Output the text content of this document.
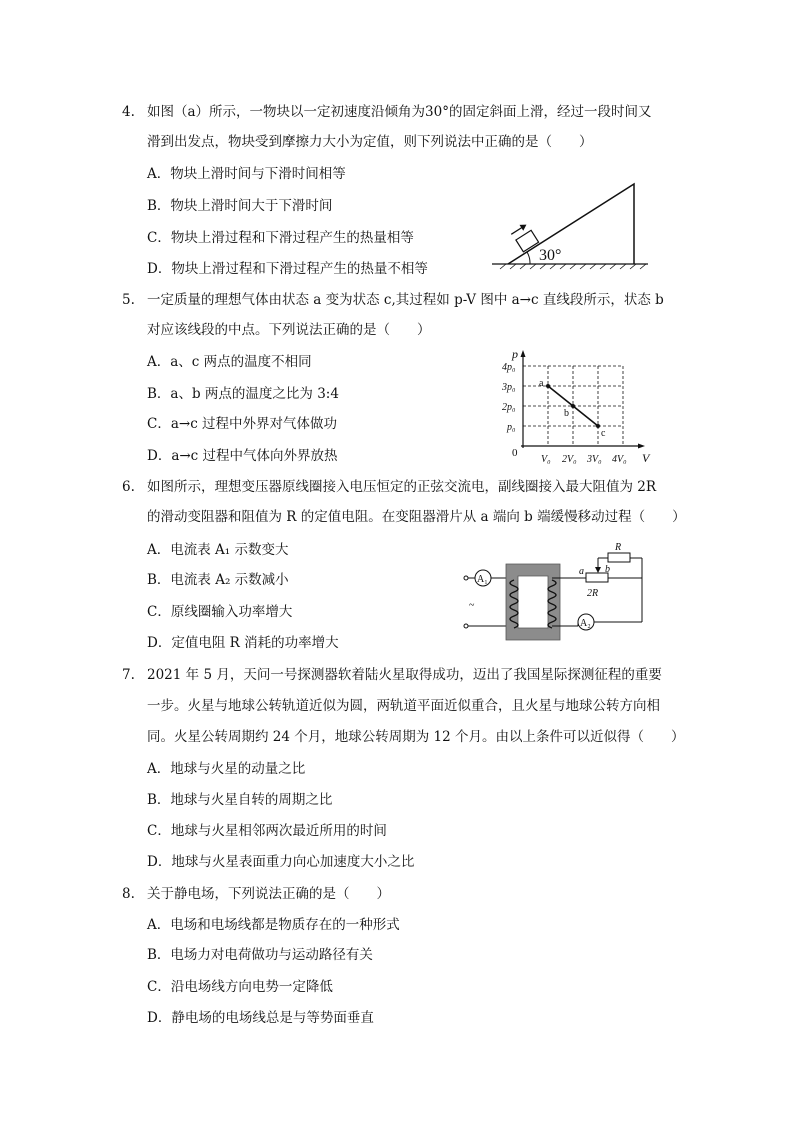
4. 如图（a）所示，一物块以一定初速度沿倾角为30°的固定斜面上滑，经过一段时间又
滑到出发点，物块受到摩擦力大小为定值，则下列说法中正确的是（　　）
A．物块上滑时间与下滑时间相等
B．物块上滑时间大于下滑时间
C．物块上滑过程和下滑过程产生的热量相等
D．物块上滑过程和下滑过程产生的热量不相等
30°
5. 一定质量的理想气体由状态 a 变为状态 c,其过程如 p-V 图中 a→c 直线段所示，状态 b
对应该线段的中点。下列说法正确的是（　　）
A．a、c 两点的温度不相同
B．a、b 两点的温度之比为 3:4
C．a→c 过程中外界对气体做功
D．a→c 过程中气体向外界放热
p
V
0
4p₀
3p₀
2p₀
p₀
V₀ 2V₀ 3V₀ 4V₀
a
b
c
6. 如图所示，理想变压器原线圈接入电压恒定的正弦交流电，副线圈接入最大阻值为 2R
的滑动变阻器和阻值为 R 的定值电阻。在变阻器滑片从 a 端向 b 端缓慢移动过程（　　）
A．电流表 A₁ 示数变大
B．电流表 A₂ 示数减小
C．原线圈输入功率增大
D．定值电阻 R 消耗的功率增大
A₁
~
A₂
2R
a b
R
7. 2021 年 5 月，天问一号探测器软着陆火星取得成功，迈出了我国星际探测征程的重要
一步。火星与地球公转轨道近似为圆，两轨道平面近似重合，且火星与地球公转方向相
同。火星公转周期约 24 个月，地球公转周期为 12 个月。由以上条件可以近似得（　　）
A．地球与火星的动量之比
B．地球与火星自转的周期之比
C．地球与火星相邻两次最近所用的时间
D．地球与火星表面重力向心加速度大小之比
8. 关于静电场，下列说法正确的是（　　）
A．电场和电场线都是物质存在的一种形式
B．电场力对电荷做功与运动路径有关
C．沿电场线方向电势一定降低
D．静电场的电场线总是与等势面垂直
